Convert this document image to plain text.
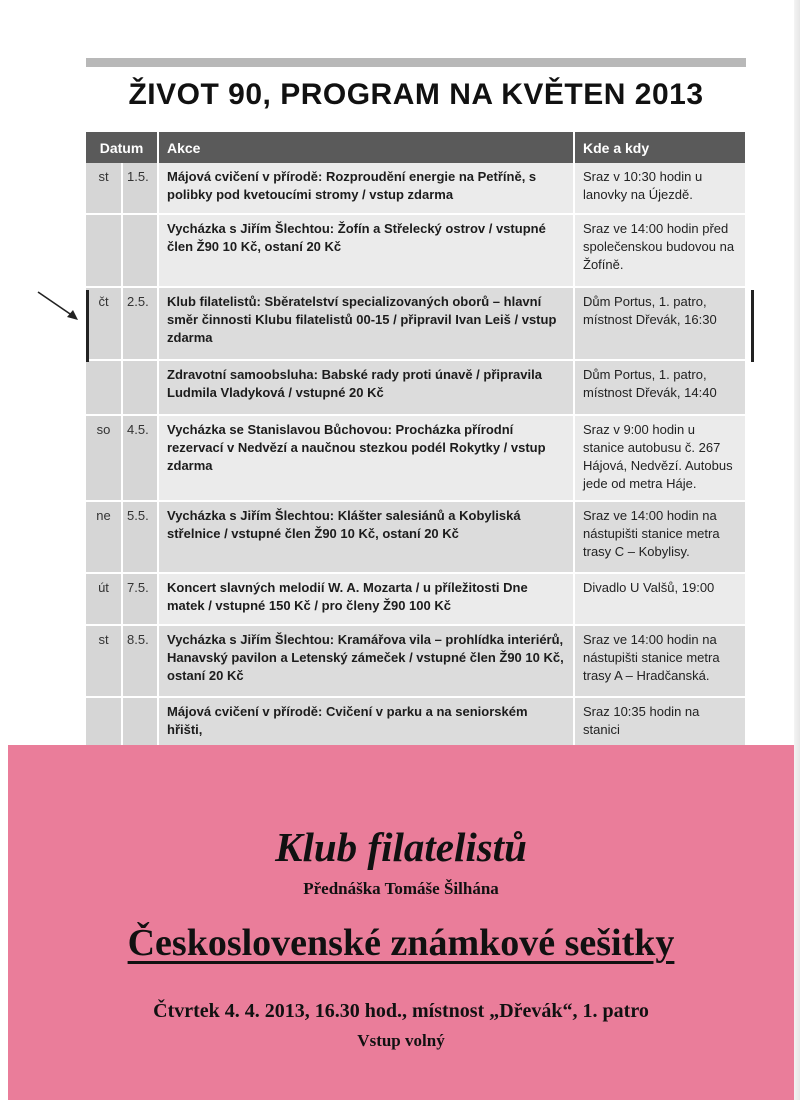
ŽIVOT 90, PROGRAM NA KVĚTEN 2013
Datum		Akce	Kde a kdy
st	1.5.	Májová cvičení v přírodě: Rozproudění energie na Petříně, s polibky pod kvetoucími stromy / vstup zdarma	Sraz v 10:30 hodin u lanovky na Újezdě.
		Vycházka s Jiřím Šlechtou: Žofín a Střelecký ostrov / vstupné člen Ž90 10 Kč, ostaní 20 Kč	Sraz ve 14:00 hodin před společenskou budovou na Žofíně.
čt	2.5.	Klub filatelistů: Sběratelství specializovaných oborů – hlavní směr činnosti Klubu filatelistů 00-15 / připravil Ivan Leiš / vstup zdarma	Dům Portus, 1. patro, místnost Dřevák, 16:30
		Zdravotní samoobsluha: Babské rady proti únavě / připravila Ludmila Vladyková / vstupné 20 Kč	Dům Portus, 1. patro, místnost Dřevák, 14:40
so	4.5.	Vycházka se Stanislavou Bůchovou: Procházka přírodní rezervací v Nedvězí a naučnou stezkou podél Rokytky / vstup zdarma	Sraz v 9:00 hodin u stanice autobusu č. 267 Hájová, Nedvězí. Autobus jede od metra Háje.
ne	5.5.	Vycházka s Jiřím Šlechtou: Klášter salesiánů a Kobyliská střelnice / vstupné člen Ž90 10 Kč, ostaní 20 Kč	Sraz ve 14:00 hodin na nástupišti stanice metra trasy C – Kobylisy.
út	7.5.	Koncert slavných melodií W. A. Mozarta / u příležitosti Dne matek / vstupné 150 Kč / pro členy Ž90 100 Kč	Divadlo U Valšů, 19:00
st	8.5.	Vycházka s Jiřím Šlechtou: Kramářova vila – prohlídka interiérů, Hanavský pavilon a Letenský zámeček / vstupné člen Ž90 10 Kč, ostaní 20 Kč	Sraz ve 14:00 hodin na nástupišti stanice metra trasy A – Hradčanská.
		Májová cvičení v přírodě: Cvičení v parku a na seniorském hřišti,	Sraz 10:35 hodin na stanici
Klub filatelistů

Přednáška Tomáše Šilhána

Československé známkové sešitky

Čtvrtek 4. 4. 2013, 16.30 hod., místnost „Dřevák“, 1. patro

Vstup volný
